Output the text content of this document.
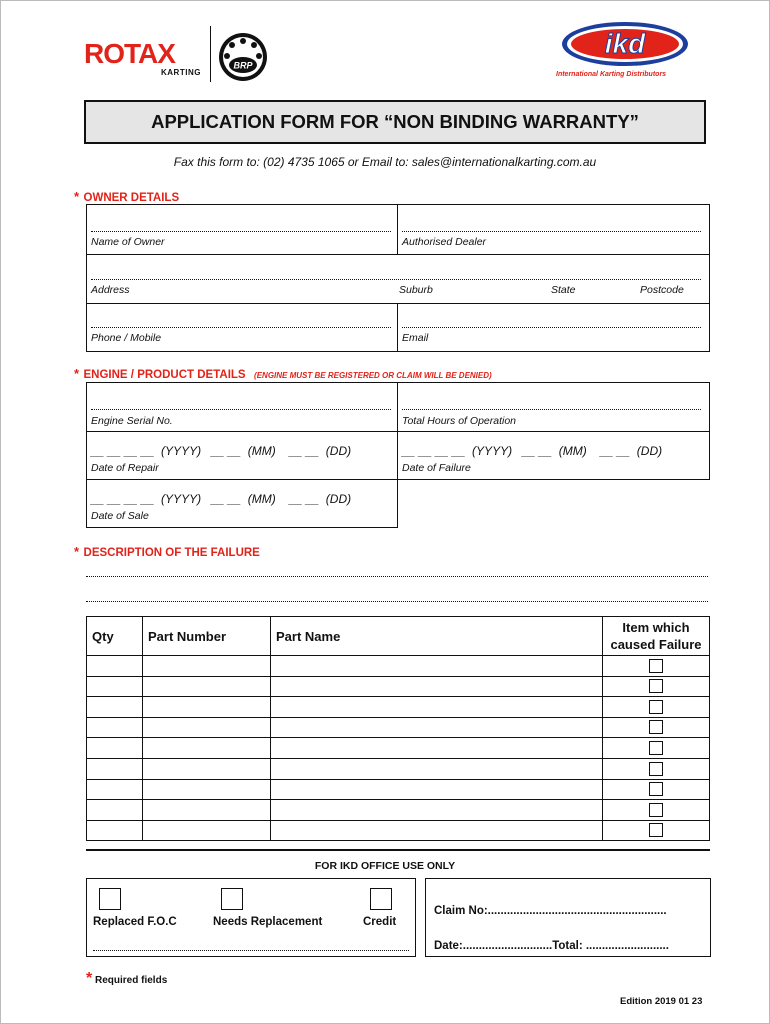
ROTAX
KARTING
BRP
ikd
International Karting Distributors
APPLICATION FORM FOR “NON BINDING WARRANTY”
Fax this form to: (02) 4735 1065 or Email to: sales@internationalkarting.com.au
* OWNER DETAILS
Name of Owner	Authorised Dealer
Address	Suburb	State	Postcode
Phone / Mobile	Email
* ENGINE / PRODUCT DETAILS (ENGINE MUST BE REGISTERED OR CLAIM WILL BE DENIED)
Engine Serial No.	Total Hours of Operation
__ __ __ __  (YYYY)   __ __  (MM)    __ __  (DD)
Date of Repair
__ __ __ __  (YYYY)   __ __  (MM)    __ __  (DD)
Date of Failure
__ __ __ __  (YYYY)   __ __  (MM)    __ __  (DD)
Date of Sale
* DESCRIPTION OF THE FAILURE
Qty	Part Number	Part Name	Item which
caused Failure

FOR IKD OFFICE USE ONLY
Replaced F.O.C	Needs Replacement	Credit
Claim No:........................................................
Date:............................Total: ..........................
* Required fields
Edition 2019 01 23
